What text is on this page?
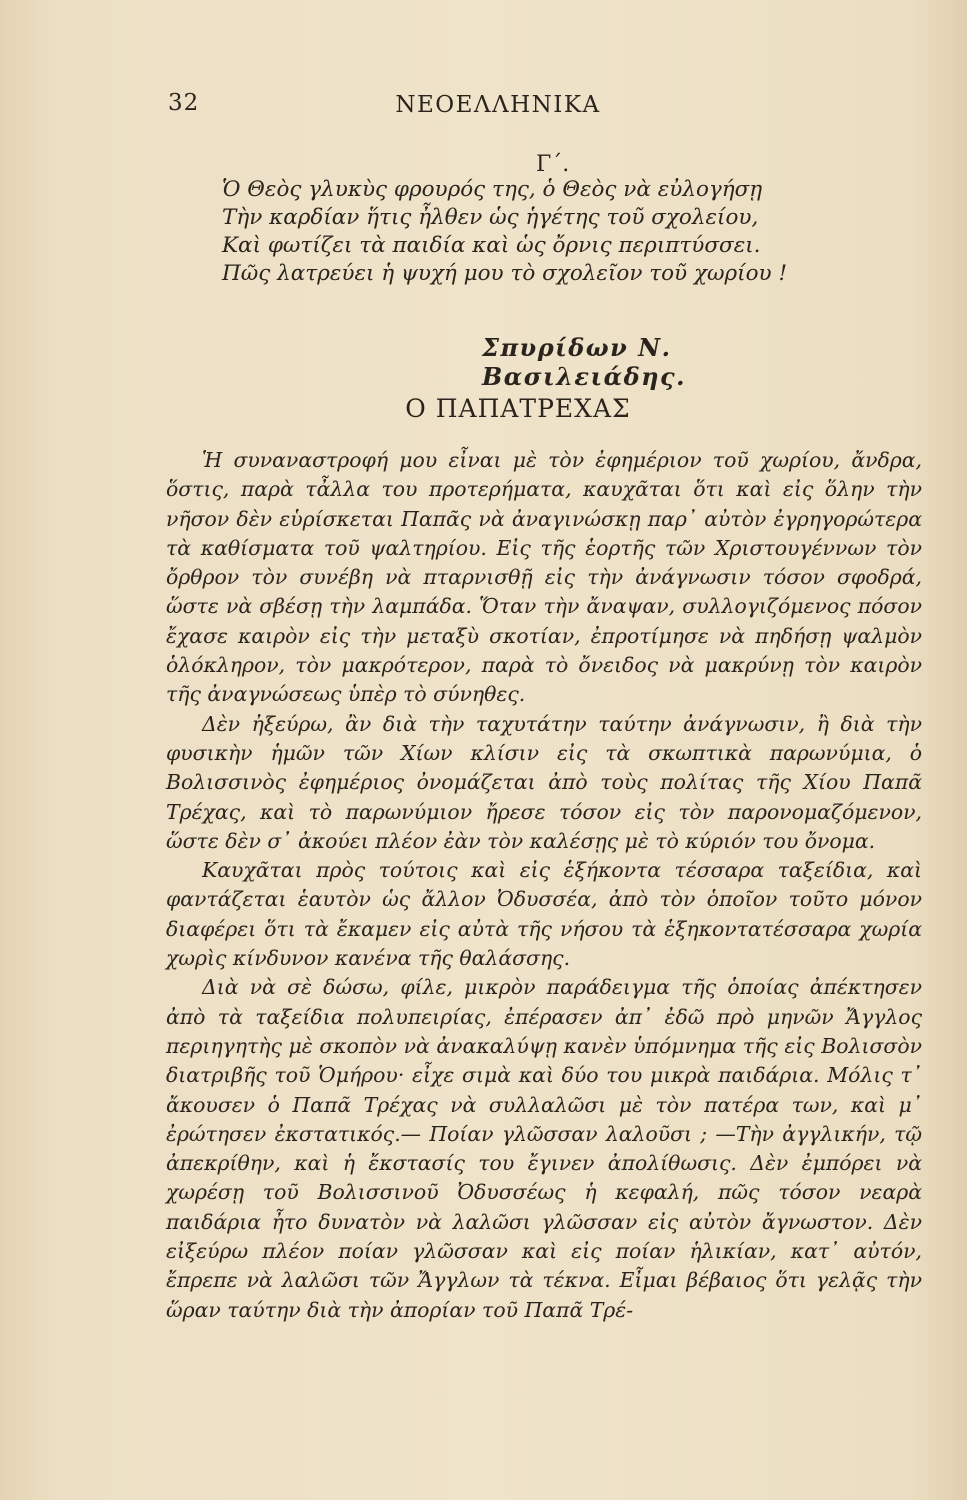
32	ΝΕΟΕΛΛΗΝΙΚΑ
Γ΄.
Ὁ Θεὸς γλυκὺς φρουρός της, ὁ Θεὸς νὰ εὐλογήσῃ
Τὴν καρδίαν ἥτις ἦλθεν ὡς ἡγέτης τοῦ σχολείου,
Καὶ φωτίζει τὰ παιδία καὶ ὡς ὄρνις περιπτύσσει.
Πῶς λατρεύει ἡ ψυχή μου τὸ σχολεῖον τοῦ χωρίου !
Σπυρίδων Ν. Βασιλειάδης.
Ο ΠΑΠΑΤΡΕΧΑΣ

Ἡ συναναστροφή μου εἶναι μὲ τὸν ἐφημέριον τοῦ χωρίου, ἄνδρα, ὅστις, παρὰ τἆλλα του προτερήματα, καυχᾶται ὅτι καὶ εἰς ὅλην τὴν νῆσον δὲν εὑρίσκεται Παπᾶς νὰ ἀναγινώσκῃ παρ᾽ αὐτὸν ἐγρηγορώτερα τὰ καθίσματα τοῦ ψαλτηρίου. Εἰς τῆς ἑορτῆς τῶν Χριστουγέννων τὸν ὄρθρον τὸν συνέβη νὰ πταρνισθῇ εἰς τὴν ἀνάγνωσιν τόσον σφοδρά, ὥστε νὰ σβέσῃ τὴν λαμπάδα. Ὅταν τὴν ἄναψαν, συλλογιζόμενος πόσον ἔχασε καιρὸν εἰς τὴν μεταξὺ σκοτίαν, ἐπροτίμησε νὰ πηδήσῃ ψαλμὸν ὁλόκληρον, τὸν μακρότερον, παρὰ τὸ ὄνειδος νὰ μακρύνῃ τὸν καιρὸν τῆς ἀναγνώσεως ὑπὲρ τὸ σύνηθες.

Δὲν ἠξεύρω, ἂν διὰ τὴν ταχυτάτην ταύτην ἀνάγνωσιν, ἢ διὰ τὴν φυσικὴν ἡμῶν τῶν Χίων κλίσιν εἰς τὰ σκωπτικὰ παρωνύμια, ὁ Βολισσινὸς ἐφημέριος ὀνομάζεται ἀπὸ τοὺς πολίτας τῆς Χίου Παπᾶ Τρέχας, καὶ τὸ παρωνύμιον ἤρεσε τόσον εἰς τὸν παρονομαζόμενον, ὥστε δὲν σ᾽ ἀκούει πλέον ἐὰν τὸν καλέσῃς μὲ τὸ κύριόν του ὄνομα.

Καυχᾶται πρὸς τούτοις καὶ εἰς ἑξήκοντα τέσσαρα ταξείδια, καὶ φαντάζεται ἑαυτὸν ὡς ἄλλον Ὀδυσσέα, ἀπὸ τὸν ὁποῖον τοῦτο μόνον διαφέρει ὅτι τὰ ἔκαμεν εἰς αὐτὰ τῆς νήσου τὰ ἑξηκοντατέσσαρα χωρία χωρὶς κίνδυνον κανένα τῆς θαλάσσης.

Διὰ νὰ σὲ δώσω, φίλε, μικρὸν παράδειγμα τῆς ὁποίας ἀπέκτησεν ἀπὸ τὰ ταξείδια πολυπειρίας, ἐπέρασεν ἀπ᾽ ἐδῶ πρὸ μηνῶν Ἄγγλος περιηγητὴς μὲ σκοπὸν νὰ ἀνακαλύψῃ κανὲν ὑπόμνημα τῆς εἰς Βολισσὸν διατριβῆς τοῦ Ὁμήρου· εἶχε σιμὰ καὶ δύο του μικρὰ παιδάρια. Μόλις τ᾽ ἄκουσεν ὁ Παπᾶ Τρέχας νὰ συλλαλῶσι μὲ τὸν πατέρα των, καὶ μ᾽ ἐρώτησεν ἐκστατικός.— Ποίαν γλῶσσαν λαλοῦσι ; —Τὴν ἀγγλικήν, τῷ ἀπεκρίθην, καὶ ἡ ἔκστασίς του ἔγινεν ἀπολίθωσις. Δὲν ἐμπόρει νὰ χωρέσῃ τοῦ Βολισσινοῦ Ὀδυσσέως ἡ κεφαλή, πῶς τόσον νεαρὰ παιδάρια ἦτο δυνατὸν νὰ λαλῶσι γλῶσσαν εἰς αὐτὸν ἄγνωστον. Δὲν εἰξεύρω πλέον ποίαν γλῶσσαν καὶ εἰς ποίαν ἡλικίαν, κατ᾽ αὐτόν, ἔπρεπε νὰ λαλῶσι τῶν Ἄγγλων τὰ τέκνα. Εἶμαι βέβαιος ὅτι γελᾷς τὴν ὥραν ταύτην διὰ τὴν ἀπορίαν τοῦ Παπᾶ Τρέ-
